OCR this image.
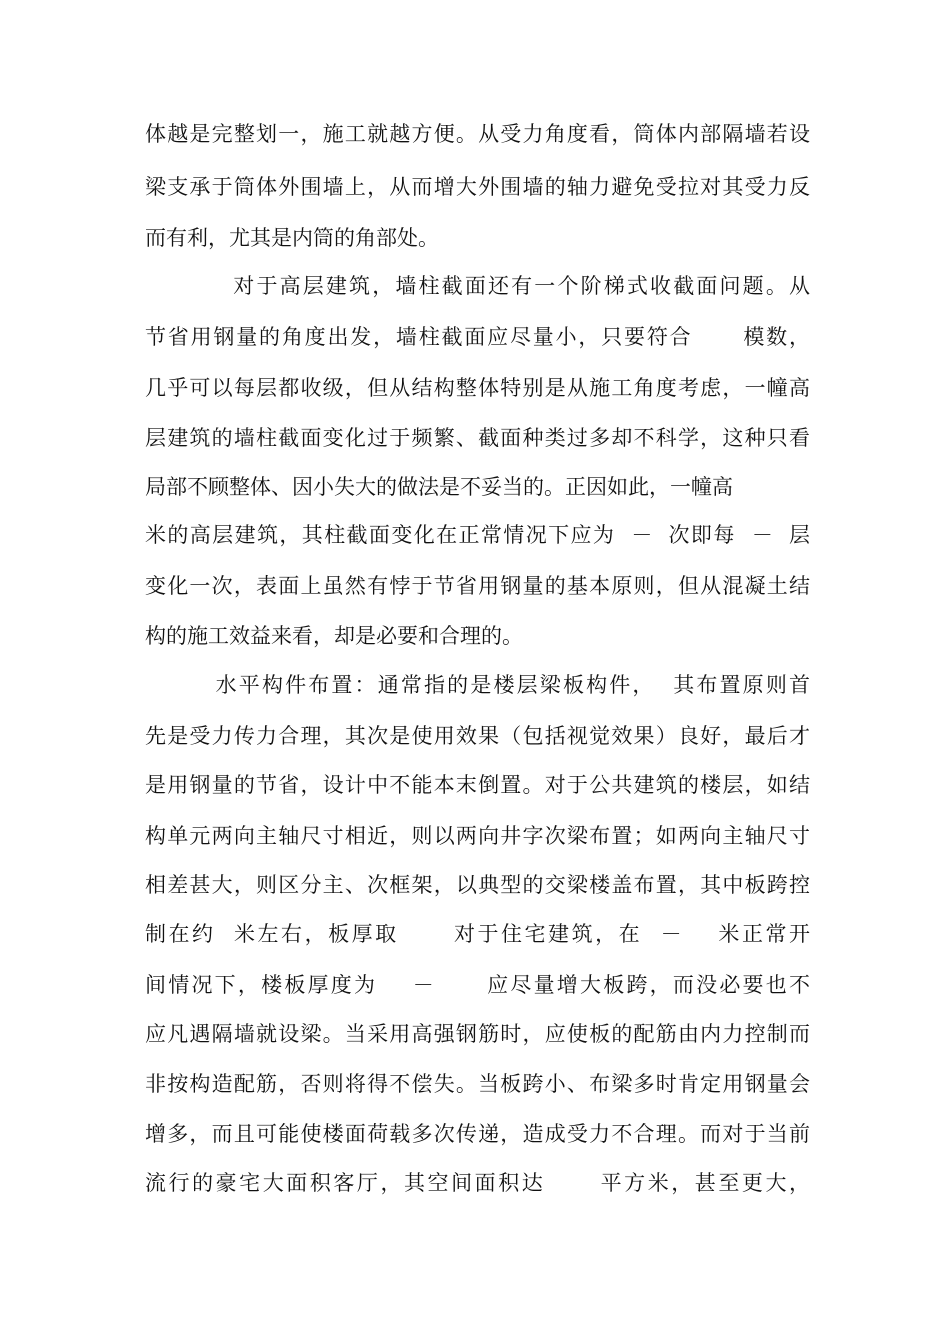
体越是完整划一，施工就越方便。从受力角度看，筒体内部隔墙若设
梁支承于筒体外围墙上，从而增大外围墙的轴力避免受拉对其受力反
而有利，尤其是内筒的角部处。
对于高层建筑，墙柱截面还有一个阶梯式收截面问题。从
节省用钢量的角度出发，墙柱截面应尽量小，只要符合      模数，
几乎可以每层都收级，但从结构整体特别是从施工角度考虑，一幢高
层建筑的墙柱截面变化过于频繁、截面种类过多却不科学，这种只看
局部不顾整体、因小失大的做法是不妥当的。正因如此，一幢高
米的高层建筑，其柱截面变化在正常情况下应为  －  次即每  －  层
变化一次，表面上虽然有悖于节省用钢量的基本原则，但从混凝土结
构的施工效益来看，却是必要和合理的。
水平构件布置：通常指的是楼层梁板构件，  其布置原则首
先是受力传力合理，其次是使用效果（包括视觉效果）良好，最后才
是用钢量的节省，设计中不能本末倒置。对于公共建筑的楼层，如结
构单元两向主轴尺寸相近，则以两向井字次梁布置；如两向主轴尺寸
相差甚大，则区分主、次框架，以典型的交梁楼盖布置，其中板跨控
制在约  米左右，板厚取      对于住宅建筑，在  －    米正常开
间情况下，楼板厚度为    －      应尽量增大板跨，而没必要也不
应凡遇隔墙就设梁。当采用高强钢筋时，应使板的配筋由内力控制而
非按构造配筋，否则将得不偿失。当板跨小、布梁多时肯定用钢量会
增多，而且可能使楼面荷载多次传递，造成受力不合理。而对于当前
流行的豪宅大面积客厅，其空间面积达      平方米，甚至更大，
